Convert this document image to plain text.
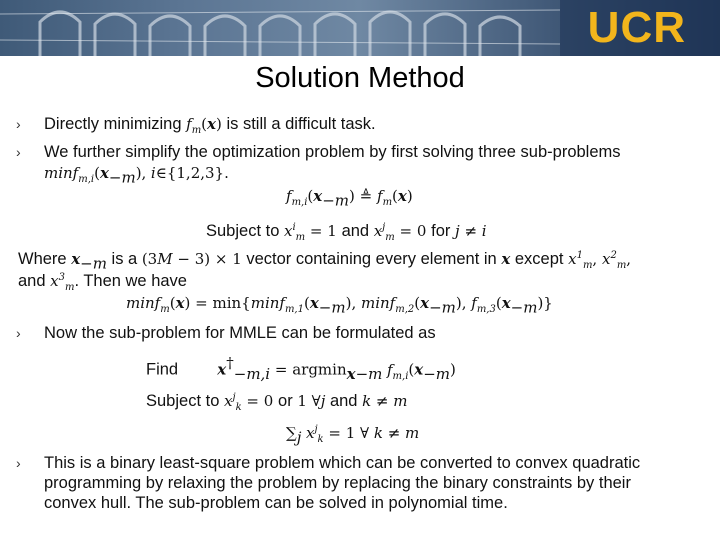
UCR
Solution Method
› Directly minimizing $f_m(x)$ is still a difficult task.
› We further simplify the optimization problem by first solving three sub-problems
$\min f_{m,i}(x_{-m})$, i∈{1,2,3}.
$f_{m,i}(x_{-m})$ ≜ $f_m(x)$
Subject to $x^i_m = 1$ and $x^j_m = 0$ for j ≠ i
Where $x_{-m}$ is a (3M − 3) × 1 vector containing every element in x except $x^1_m$, $x^2_m$,
and $x^3_m$. Then we have
$\min f_m(x) = \min\{\min f_{m,1}(x_{-m})$, $\min f_{m,2}(x_{-m})$, $f_{m,3}(x_{-m})$}
› Now the sub-problem for MMLE can be formulated as
Find	$x^\dagger_{-m,i} = argmin_{x-m}$ $f_{m,i}(x_{-m})$
Subject to $x^j_k = 0$ or 1 ∀j and k ≠ m
$\sum_j$ $x^j_k = 1$ ∀ k ≠ m
› This is a binary least-square problem which can be converted to convex quadratic
programming by relaxing the problem by replacing the binary constraints by their
convex hull. The sub-problem can be solved in polynomial time.
